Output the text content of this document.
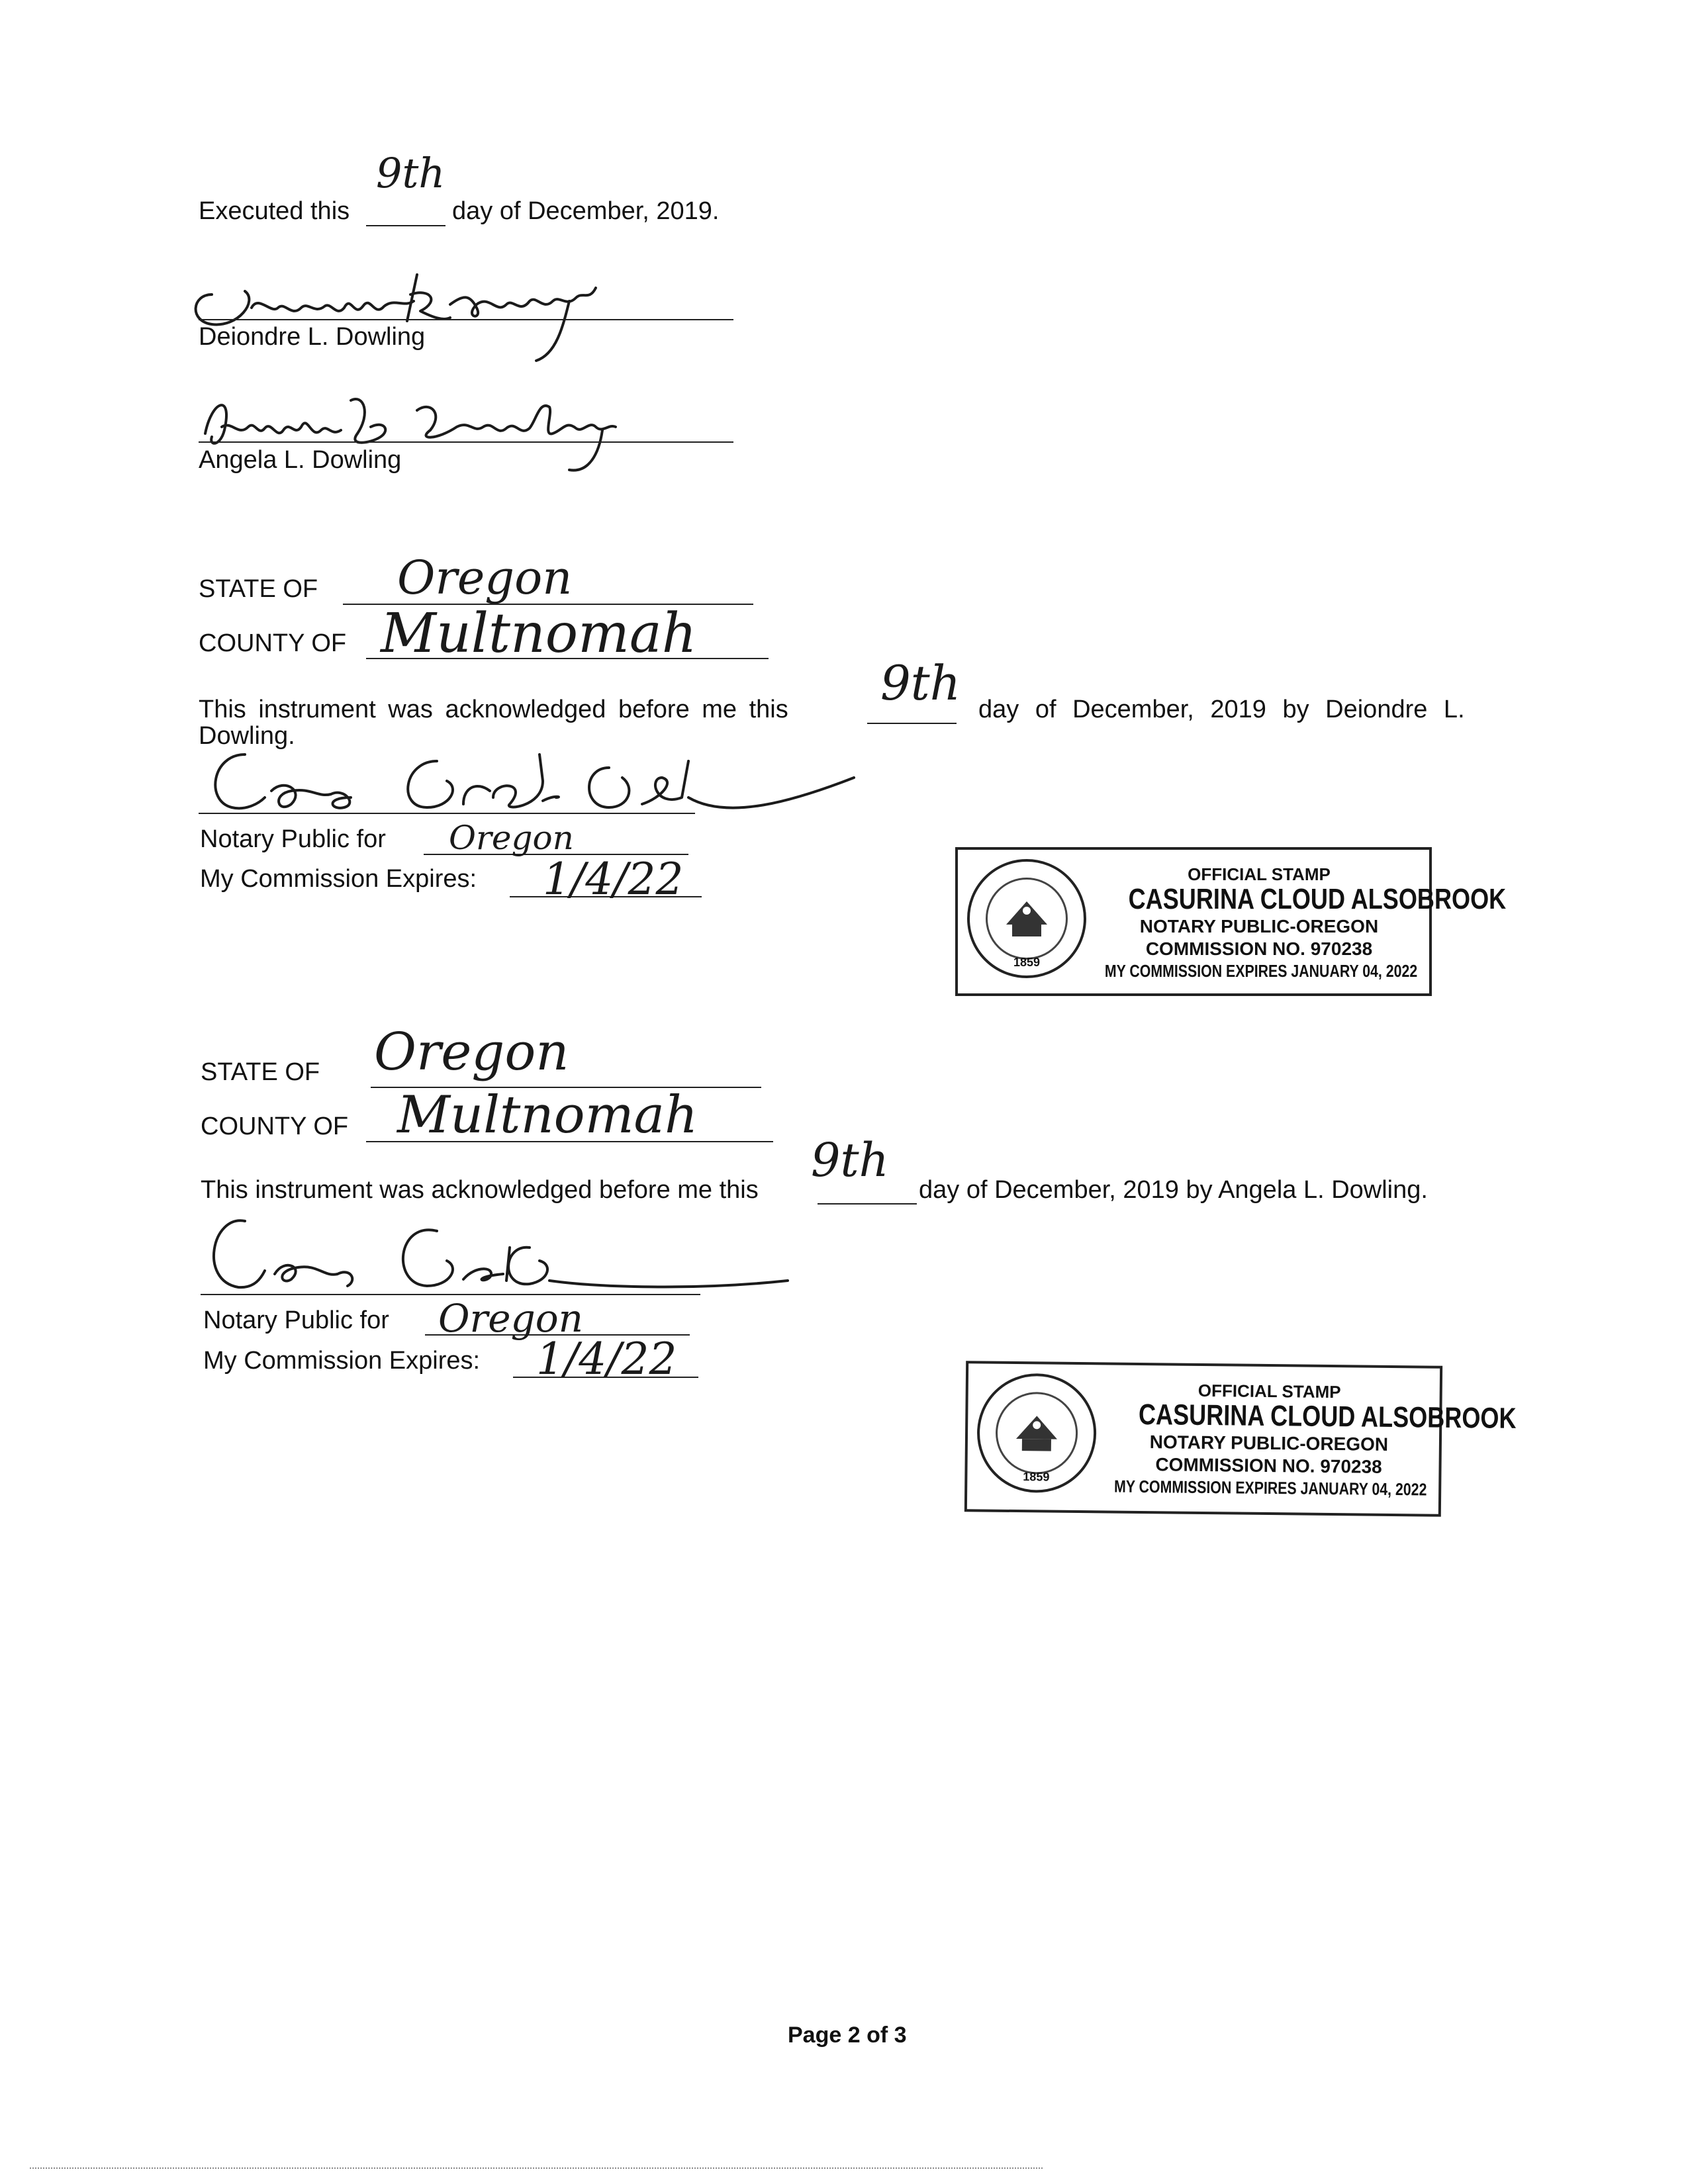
Executed this
9th
day of December, 2019.
Deiondre L. Dowling
Angela L. Dowling
STATE OF Oregon
COUNTY OF Multnomah
This instrument was acknowledged before me this 9th day of December, 2019 by Deiondre L.
Dowling.
Notary Public for Oregon
My Commission Expires: 1/4/22
1859
OFFICIAL STAMP
CASURINA CLOUD ALSOBROOK
NOTARY PUBLIC-OREGON
COMMISSION NO. 970238
MY COMMISSION EXPIRES JANUARY 04, 2022
STATE OF Oregon
COUNTY OF Multnomah
This instrument was acknowledged before me this
9th
day of December, 2019 by Angela L. Dowling.
Notary Public for Oregon
My Commission Expires: 1/4/22
1859
OFFICIAL STAMP
CASURINA CLOUD ALSOBROOK
NOTARY PUBLIC-OREGON
COMMISSION NO. 970238
MY COMMISSION EXPIRES JANUARY 04, 2022
Page 2 of 3
